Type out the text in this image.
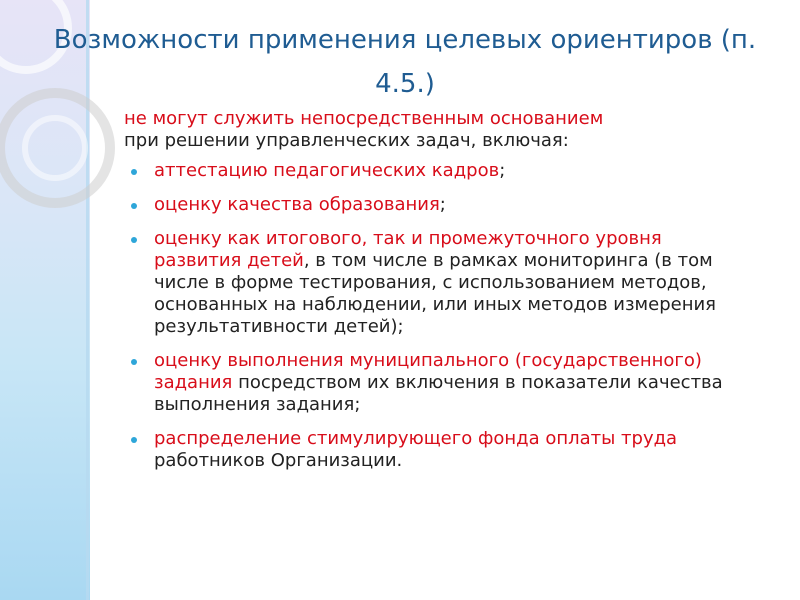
Возможности применения целевых ориентиров (п. 4.5.)
не могут служить непосредственным основанием
при решении управленческих задач, включая:
аттестацию педагогических кадров;
оценку качества образования;
оценку как итогового, так и промежуточного уровня развития детей, в том числе в рамках мониторинга (в том числе в форме тестирования, с использованием методов, основанных на наблюдении, или иных методов измерения результативности детей);
оценку выполнения муниципального (государственного) задания посредством их включения в показатели качества выполнения задания;
распределение стимулирующего фонда оплаты труда работников Организации.
